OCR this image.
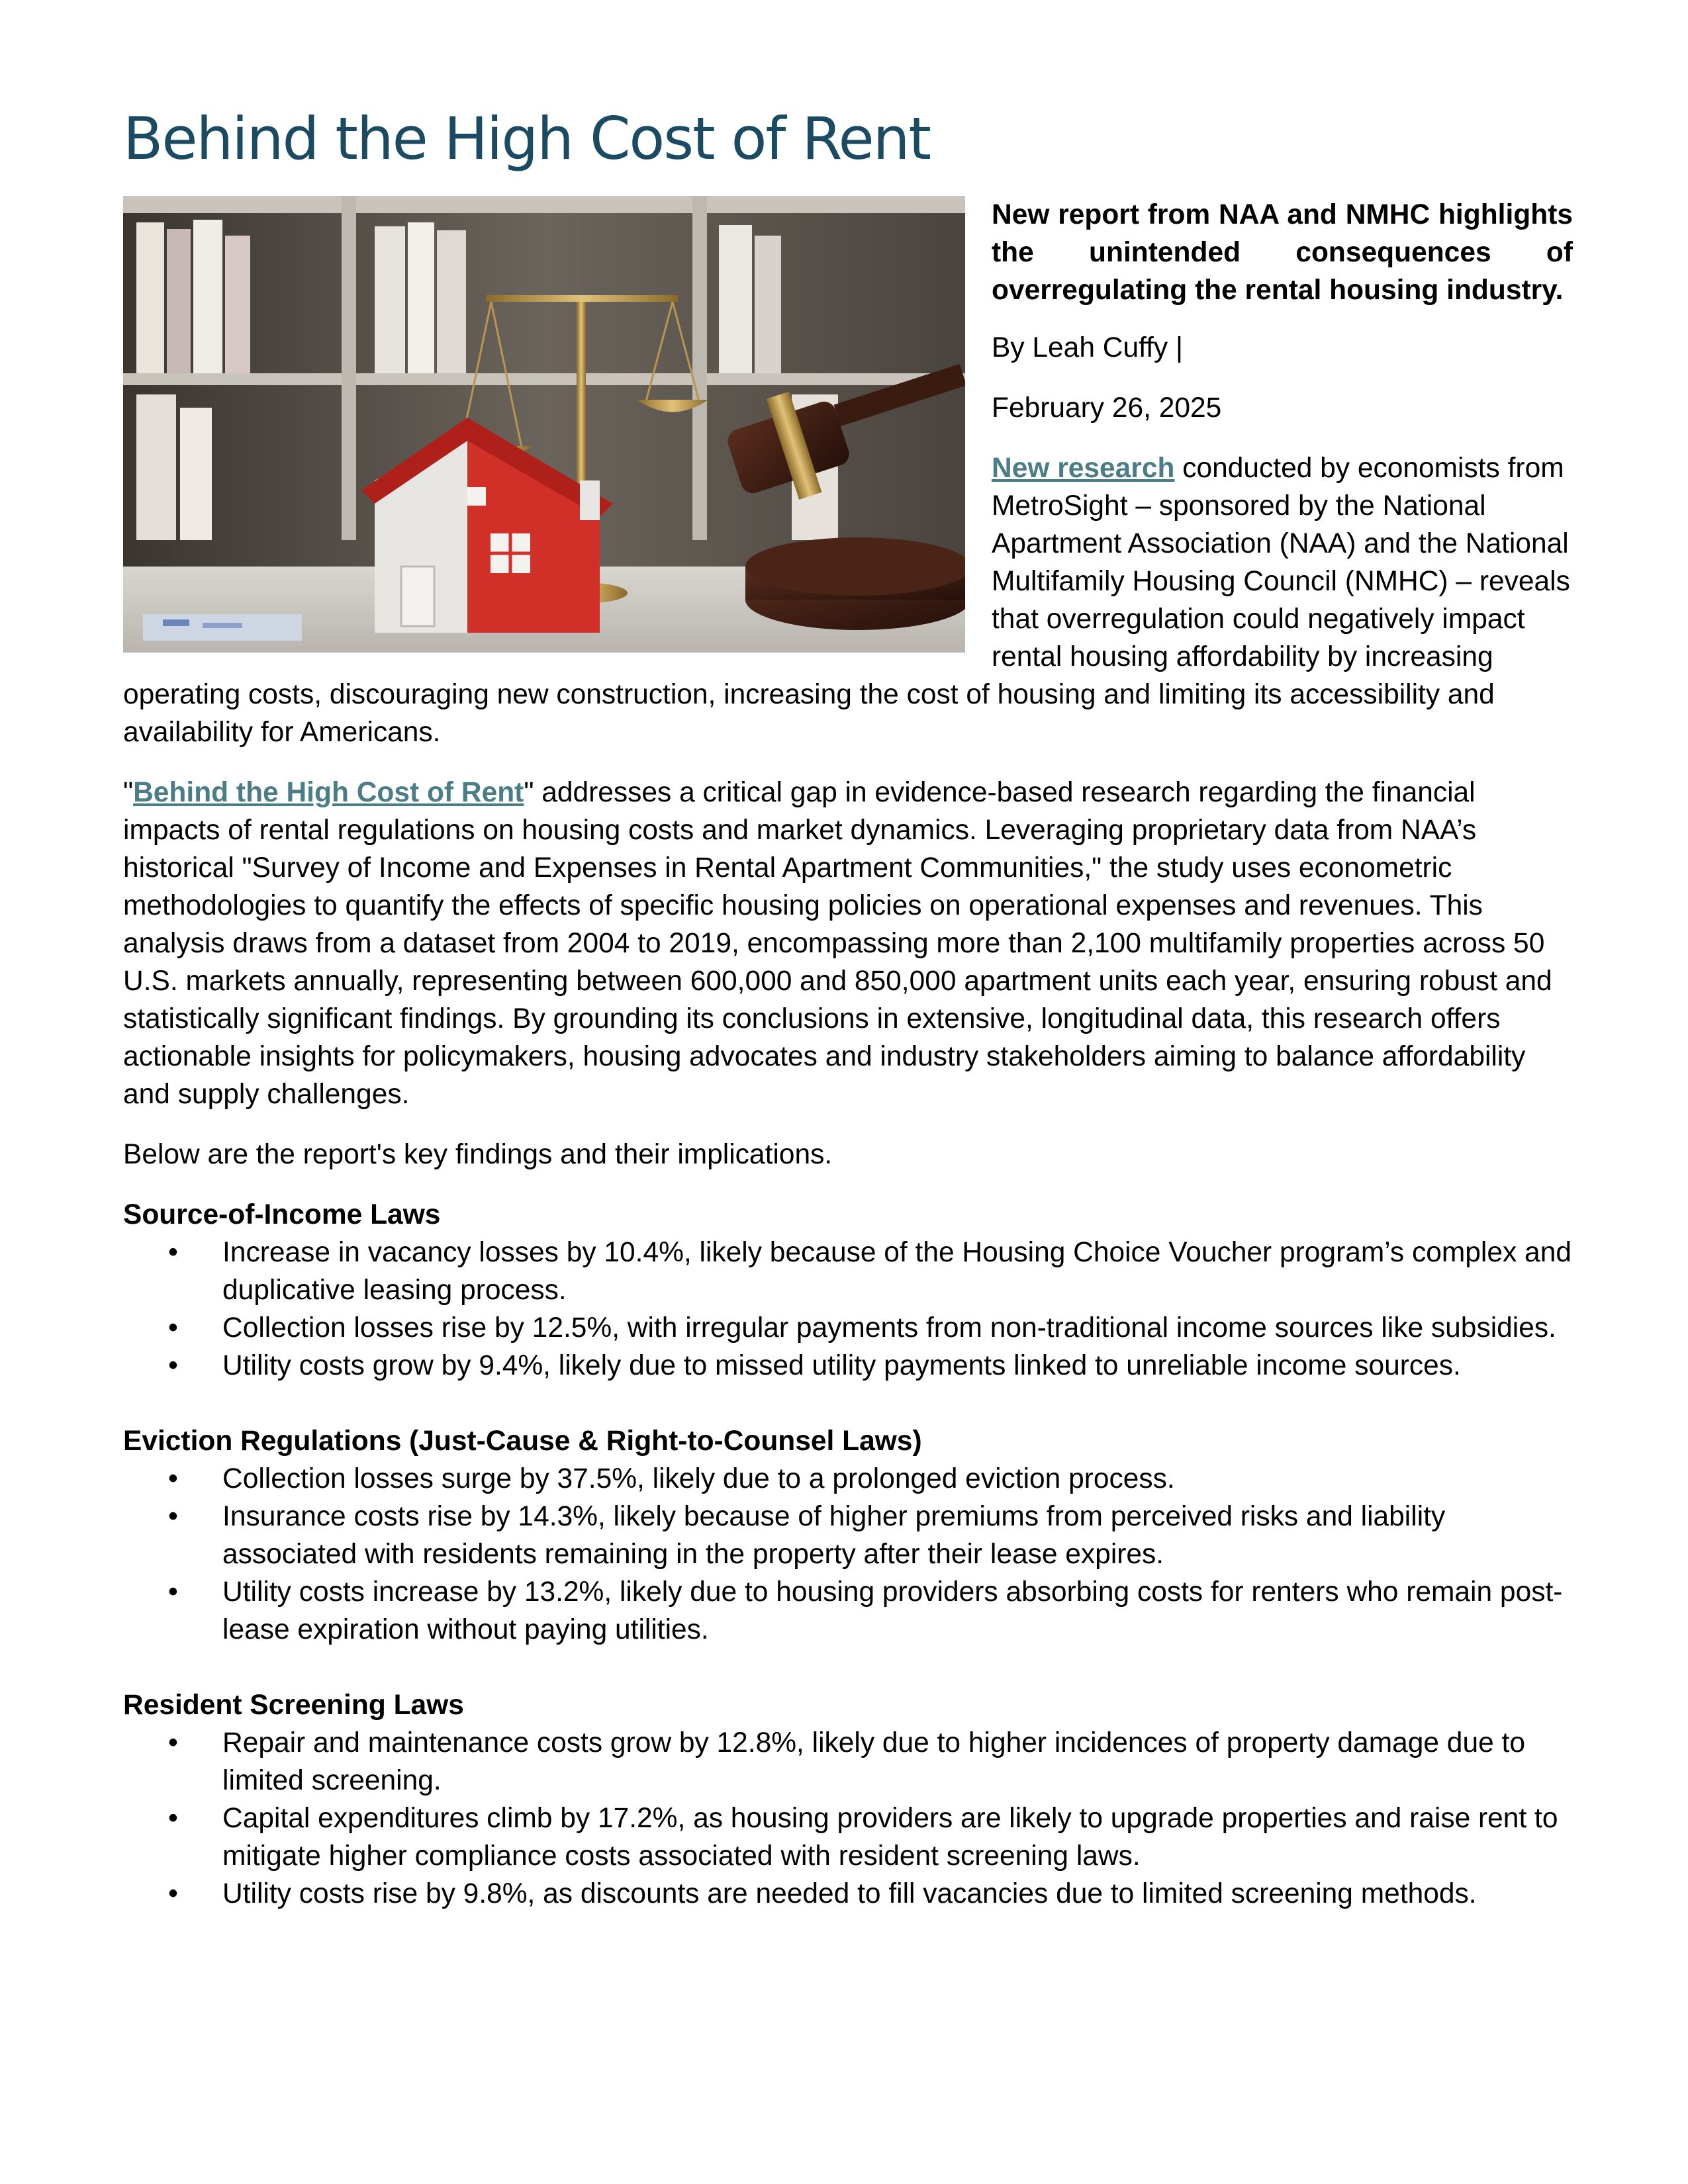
Behind the High Cost of Rent

New report from NAA and NMHC highlights the unintended consequences of overregulating the rental housing industry.

By Leah Cuffy |

February 26, 2025

New research conducted by economists from MetroSight – sponsored by the National Apartment Association (NAA) and the National Multifamily Housing Council (NMHC) – reveals that overregulation could negatively impact rental housing affordability by increasing operating costs, discouraging new construction, increasing the cost of housing and limiting its accessibility and availability for Americans.

"Behind the High Cost of Rent" addresses a critical gap in evidence-based research regarding the financial impacts of rental regulations on housing costs and market dynamics. Leveraging proprietary data from NAA’s historical "Survey of Income and Expenses in Rental Apartment Communities," the study uses econometric methodologies to quantify the effects of specific housing policies on operational expenses and revenues. This analysis draws from a dataset from 2004 to 2019, encompassing more than 2,100 multifamily properties across 50 U.S. markets annually, representing between 600,000 and 850,000 apartment units each year, ensuring robust and statistically significant findings. By grounding its conclusions in extensive, longitudinal data, this research offers actionable insights for policymakers, housing advocates and industry stakeholders aiming to balance affordability and supply challenges.

Below are the report's key findings and their implications.

Source-of-Income Laws

• Increase in vacancy losses by 10.4%, likely because of the Housing Choice Voucher program’s complex and duplicative leasing process.
• Collection losses rise by 12.5%, with irregular payments from non-traditional income sources like subsidies.
• Utility costs grow by 9.4%, likely due to missed utility payments linked to unreliable income sources.

Eviction Regulations (Just-Cause & Right-to-Counsel Laws)

• Collection losses surge by 37.5%, likely due to a prolonged eviction process.
• Insurance costs rise by 14.3%, likely because of higher premiums from perceived risks and liability associated with residents remaining in the property after their lease expires.
• Utility costs increase by 13.2%, likely due to housing providers absorbing costs for renters who remain post-lease expiration without paying utilities.

Resident Screening Laws

• Repair and maintenance costs grow by 12.8%, likely due to higher incidences of property damage due to limited screening.
• Capital expenditures climb by 17.2%, as housing providers are likely to upgrade properties and raise rent to mitigate higher compliance costs associated with resident screening laws.
• Utility costs rise by 9.8%, as discounts are needed to fill vacancies due to limited screening methods.
